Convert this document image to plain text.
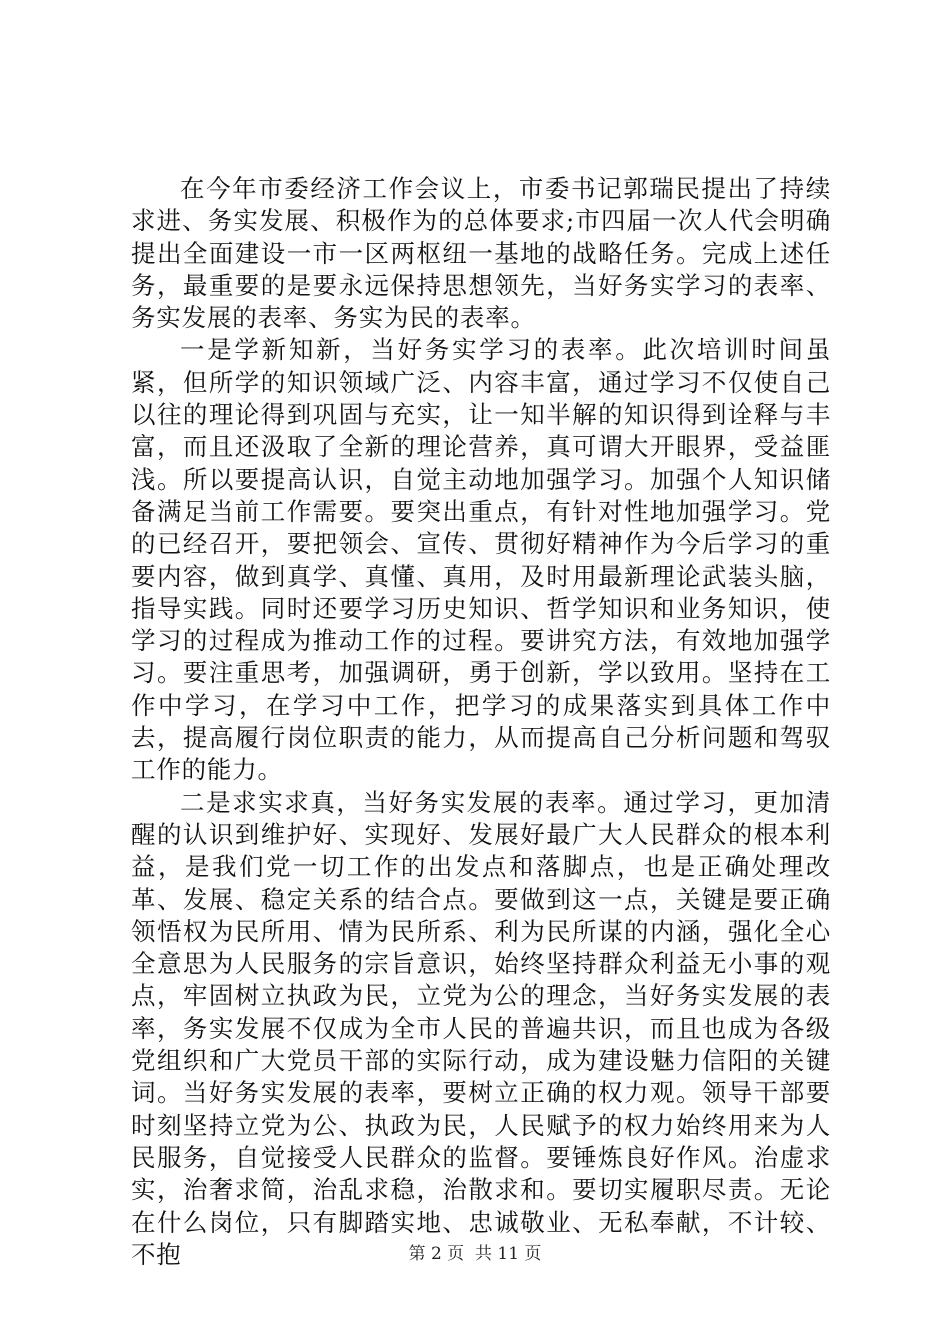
在今年市委经济工作会议上，市委书记郭瑞民提出了持续求进、务实发展、积极作为的总体要求;市四届一次人代会明确提出全面建设一市一区两枢纽一基地的战略任务。完成上述任务，最重要的是要永远保持思想领先，当好务实学习的表率、务实发展的表率、务实为民的表率。

一是学新知新，当好务实学习的表率。此次培训时间虽紧，但所学的知识领域广泛、内容丰富，通过学习不仅使自己以往的理论得到巩固与充实，让一知半解的知识得到诠释与丰富，而且还汲取了全新的理论营养，真可谓大开眼界，受益匪浅。所以要提高认识，自觉主动地加强学习。加强个人知识储备满足当前工作需要。要突出重点，有针对性地加强学习。党的已经召开，要把领会、宣传、贯彻好精神作为今后学习的重要内容，做到真学、真懂、真用，及时用最新理论武装头脑，指导实践。同时还要学习历史知识、哲学知识和业务知识，使学习的过程成为推动工作的过程。要讲究方法，有效地加强学习。要注重思考，加强调研，勇于创新，学以致用。坚持在工作中学习，在学习中工作，把学习的成果落实到具体工作中去，提高履行岗位职责的能力，从而提高自己分析问题和驾驭工作的能力。

二是求实求真，当好务实发展的表率。通过学习，更加清醒的认识到维护好、实现好、发展好最广大人民群众的根本利益，是我们党一切工作的出发点和落脚点，也是正确处理改革、发展、稳定关系的结合点。要做到这一点，关键是要正确领悟权为民所用、情为民所系、利为民所谋的内涵，强化全心全意思为人民服务的宗旨意识，始终坚持群众利益无小事的观点，牢固树立执政为民，立党为公的理念，当好务实发展的表率，务实发展不仅成为全市人民的普遍共识，而且也成为各级党组织和广大党员干部的实际行动，成为建设魅力信阳的关键词。当好务实发展的表率，要树立正确的权力观。领导干部要时刻坚持立党为公、执政为民，人民赋予的权力始终用来为人民服务，自觉接受人民群众的监督。要锤炼良好作风。治虚求实，治奢求简，治乱求稳，治散求和。要切实履职尽责。无论在什么岗位，只有脚踏实地、忠诚敬业、无私奉献，不计较、不抱	第 2 页 共 11 页
